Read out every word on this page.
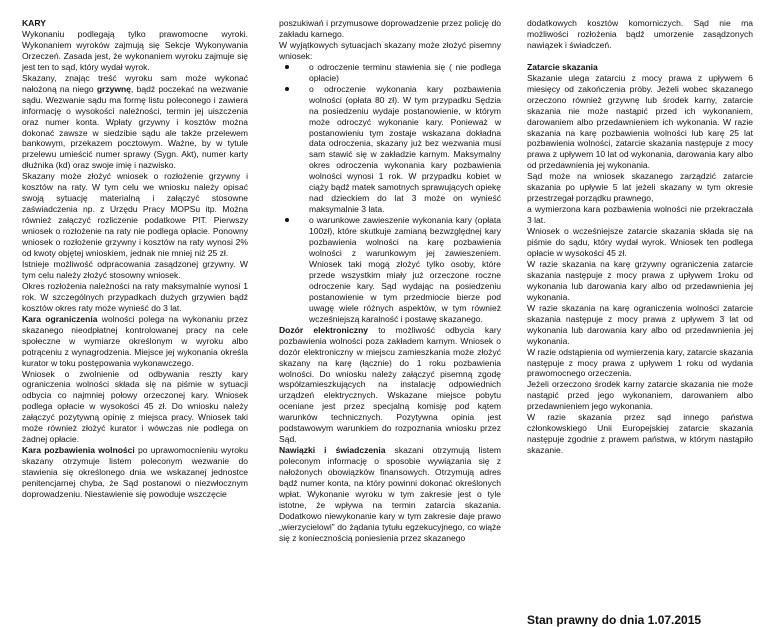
KARY

Wykonaniu podlegają tylko prawomocne wyroki. Wykonaniem wyroków zajmują się Sekcje Wykonywania Orzeczeń. Zasada jest, że wykonaniem wyroku zajmuje się jest ten to sąd, który wydał wyrok.

Skazany, znając treść wyroku sam może wykonać nałożoną na niego grzywnę, bądź poczekać na wezwanie sądu. Wezwanie sądu ma formę listu poleconego i zawiera informację o wysokości należności, termin jej uiszczenia oraz numer konta. Wpłaty grzywny i kosztów można dokonać zawsze w siedzibie sądu ale także przelewem bankowym, przekazem pocztowym. Ważne, by w tytule przelewu umieścić numer sprawy (Sygn. Akt), numer karty dłużnika (kd) oraz swoje imię i nazwisko.

Skazany może złożyć wniosek o rozłożenie grzywny i kosztów na raty. W tym celu we wniosku należy opisać swoją sytuację materialną i załączyć stosowne zaświadczenia np. z Urzędu Pracy MOPSu itp. Można również załączyć rozliczenie podatkowe PIT. Pierwszy wniosek o rozłożenie na raty nie podlega opłacie. Ponowny wniosek o rozłożenie grzywny i kosztów na raty wynosi 2% od kwoty objętej wnioskiem, jednak nie mniej niż 25 zł.

Istnieje możliwość odpracowania zasądzonej grzywny. W tym celu należy złożyć stosowny wniosek.

Okres rozłożenia należności na raty maksymalnie wynosi 1 rok. W szczególnych przypadkach dużych grzywien bądź kosztów okres raty może wynieść do 3 lat.

Kara ograniczenia wolności polega na wykonaniu przez skazanego nieodpłatnej kontrolowanej pracy na cele społeczne w wymiarze określonym w wyroku albo potrąceniu z wynagrodzenia. Miejsce jej wykonania określa kurator w toku postępowania wykonawczego.

Wniosek o zwolnienie od odbywania reszty kary ograniczenia wolności składa się na piśmie w sytuacji odbycia co najmniej połowy orzeczonej kary. Wniosek podlega opłacie w wysokości 45 zł. Do wniosku należy załączyć pozytywną opinię z miejsca pracy. Wniosek taki może również złożyć kurator i wówczas nie podlega on żadnej opłacie.

Kara pozbawienia wolności po uprawomocnieniu wyroku skazany otrzymuje listem poleconym wezwanie do stawienia się określonego dnia we wskazanej jednostce penitencjarnej chyba, że Sąd postanowi o niezwłocznym doprowadzeniu. Niestawienie się powoduje wszczęcie

poszukiwań i przymusowe doprowadzenie przez policję do zakładu karnego.

W wyjątkowych sytuacjach skazany może złożyć pisemny wniosek:

o odroczenie terminu stawienia się ( nie podlega opłacie)
o odroczenie wykonania kary pozbawienia wolności (opłata 80 zł). W tym przypadku Sędzia na posiedzeniu wydaje postanowienie, w którym może odroczyć wykonanie kary. Ponieważ w postanowieniu tym zostaje wskazana dokładna data odroczenia, skazany już bez wezwania musi sam stawić się w zakładzie karnym. Maksymalny okres odroczenia wykonania kary pozbawienia wolności wynosi 1 rok. W przypadku kobiet w ciąży bądź matek samotnych sprawujących opiekę nad dzieckiem do lat 3 może on wynieść maksymalnie 3 lata.
o warunkowe zawieszenie wykonania kary (opłata 100zł), które skutkuje zamianą bezwzględnej kary pozbawienia wolności na karę pozbawienia wolności z warunkowym jej zawieszeniem. Wniosek taki mogą złożyć tylko osoby, które przede wszystkim miały już orzeczone roczne odroczenie kary. Sąd wydając na posiedzeniu postanowienie w tym przedmiocie bierze pod uwagę wiele różnych aspektów, w tym również wcześniejszą karalność i postawę skazanego.

Dozór elektroniczny to możliwość odbycia kary pozbawienia wolności poza zakładem karnym. Wniosek o dozór elektroniczny w miejscu zamieszkania może złożyć skazany na karę (łącznie) do 1 roku pozbawienia wolności. Do wniosku należy załączyć pisemną zgodę współzamieszkujących na instalację odpowiednich urządzeń elektrycznych. Wskazane miejsce pobytu oceniane jest przez specjalną komisję pod kątem warunków technicznych. Pozytywna opinia jest podstawowym warunkiem do rozpoznania wniosku przez Sąd.

Nawiązki i świadczenia skazani otrzymują listem poleconym informację o sposobie wywiązania się z nałożonych obowiązków finansowych. Otrzymują adres bądź numer konta, na który powinni dokonać określonych wpłat. Wykonanie wyroku w tym zakresie jest o tyle istotne, że wpływa na termin zatarcia skazania. Dodatkowo niewykonanie kary w tym zakresie daje prawo „wierzycielowi” do żądania tytułu egzekucyjnego, co wiąże się z koniecznością poniesienia przez skazanego

dodatkowych kosztów komorniczych. Sąd nie ma możliwości rozłożenia bądź umorzenie zasądzonych nawiązek i świadczeń.

Zatarcie skazania

Skazanie ulega zatarciu z mocy prawa z upływem 6 miesięcy od zakończenia próby. Jeżeli wobec skazanego orzeczono również grzywnę lub środek karny, zatarcie skazania nie może nastąpić przed ich wykonaniem, darowaniem albo przedawnieniem ich wykonania. W razie skazania na karę pozbawienia wolności lub karę 25 lat pozbawienia wolności, zatarcie skazania następuje z mocy prawa z upływem 10 lat od wykonania, darowania kary albo od przedawnienia jej wykonania.

Sąd może na wniosek skazanego zarządzić zatarcie skazania po upływie 5 lat jeżeli skazany w tym okresie przestrzegał porządku prawnego,

a wymierzona kara pozbawienia wolności nie przekraczała 3 lat.

Wniosek o wcześniejsze zatarcie skazania składa się na piśmie do sądu, który wydał wyrok. Wniosek ten podlega opłacie w wysokości 45 zł.

W razie skazania na karę grzywny ograniczenia zatarcie skazania następuje z mocy prawa z upływem 1roku od wykonania lub darowania kary albo od przedawnienia jej wykonania.

W razie skazania na karę ograniczenia wolności zatarcie skazania następuje z mocy prawa z upływem 3 lat od wykonania lub darowania kary albo od przedawnienia jej wykonania.

W razie odstąpienia od wymierzenia kary, zatarcie skazania następuje z mocy prawa z upływem 1 roku od wydania prawomocnego orzeczenia.

Jeżeli orzeczono środek karny zatarcie skazania nie może nastąpić przed jego wykonaniem, darowaniem albo przedawnieniem jego wykonania.

W razie skazania przez sąd innego państwa członkowskiego Unii Europejskiej zatarcie skazania następuje zgodnie z prawem państwa, w którym nastąpiło skazanie.

Stan prawny do dnia 1.07.2015
